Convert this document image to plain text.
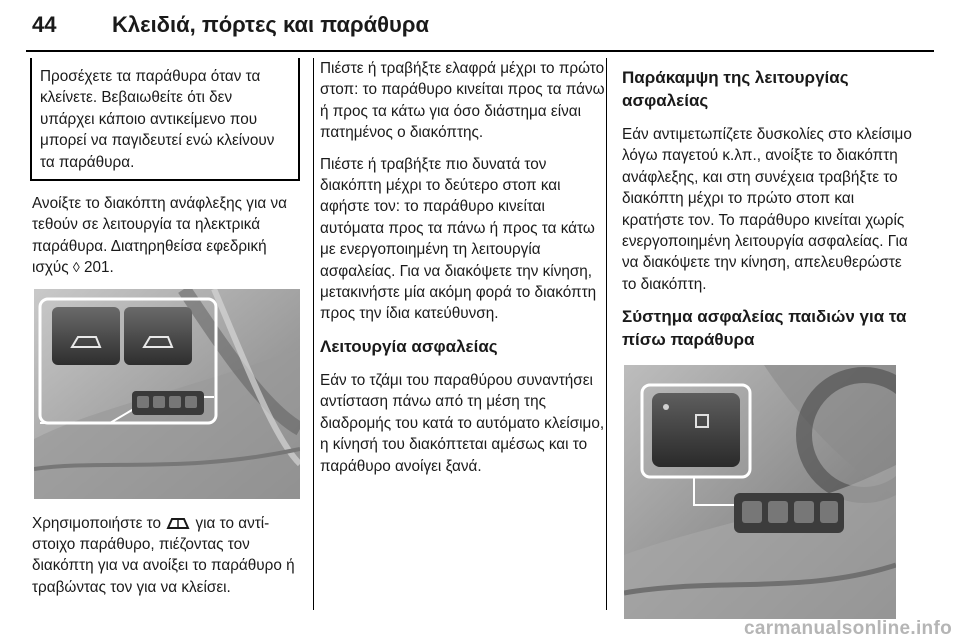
44	Κλειδιά, πόρτες και παράθυρα
Προσέχετε τα παράθυρα όταν τα κλείνετε. Βεβαιωθείτε ότι δεν υπάρχει κάποιο αντικείμενο που μπορεί να παγιδευτεί ενώ κλείνουν τα παράθυρα.

Ανοίξτε το διακόπτη ανάφλεξης για να τεθούν σε λειτουργία τα ηλεκτρικά παράθυρα. Διατηρηθείσα εφεδρική ισχύς ◊ 201.

Χρησιμοποιήστε το για το αντίστοιχο παράθυρο, πιέζοντας τον διακόπτη για να ανοίξει το παράθυρο ή τραβώντας τον για να κλείσει.

Πιέστε ή τραβήξτε ελαφρά μέχρι το πρώτο στοπ: το παράθυρο κινείται προς τα πάνω ή προς τα κάτω για όσο διάστημα είναι πατημένος ο διακόπτης.

Πιέστε ή τραβήξτε πιο δυνατά τον διακόπτη μέχρι το δεύτερο στοπ και αφήστε τον: το παράθυρο κινείται αυτόματα προς τα πάνω ή προς τα κάτω με ενεργοποιημένη τη λειτουργία ασφαλείας. Για να διακόψετε την κίνηση, μετακινήστε μία ακόμη φορά το διακόπτη προς την ίδια κατεύθυνση.

Λειτουργία ασφαλείας

Εάν το τζάμι του παραθύρου συναντήσει αντίσταση πάνω από τη μέση της διαδρομής του κατά το αυτόματο κλείσιμο, η κίνησή του διακόπτεται αμέσως και το παράθυρο ανοίγει ξανά.

Παράκαμψη της λειτουργίας ασφαλείας

Εάν αντιμετωπίζετε δυσκολίες στο κλείσιμο λόγω παγετού κ.λπ., ανοίξτε το διακόπτη ανάφλεξης, και στη συνέχεια τραβήξτε το διακόπτη μέχρι το πρώτο στοπ και κρατήστε τον. Το παράθυρο κινείται χωρίς ενεργοποιημένη λειτουργία ασφαλείας. Για να διακόψετε την κίνηση, απελευθερώστε το διακόπτη.

Σύστημα ασφαλείας παιδιών για τα πίσω παράθυρα
carmanualsonline.info
